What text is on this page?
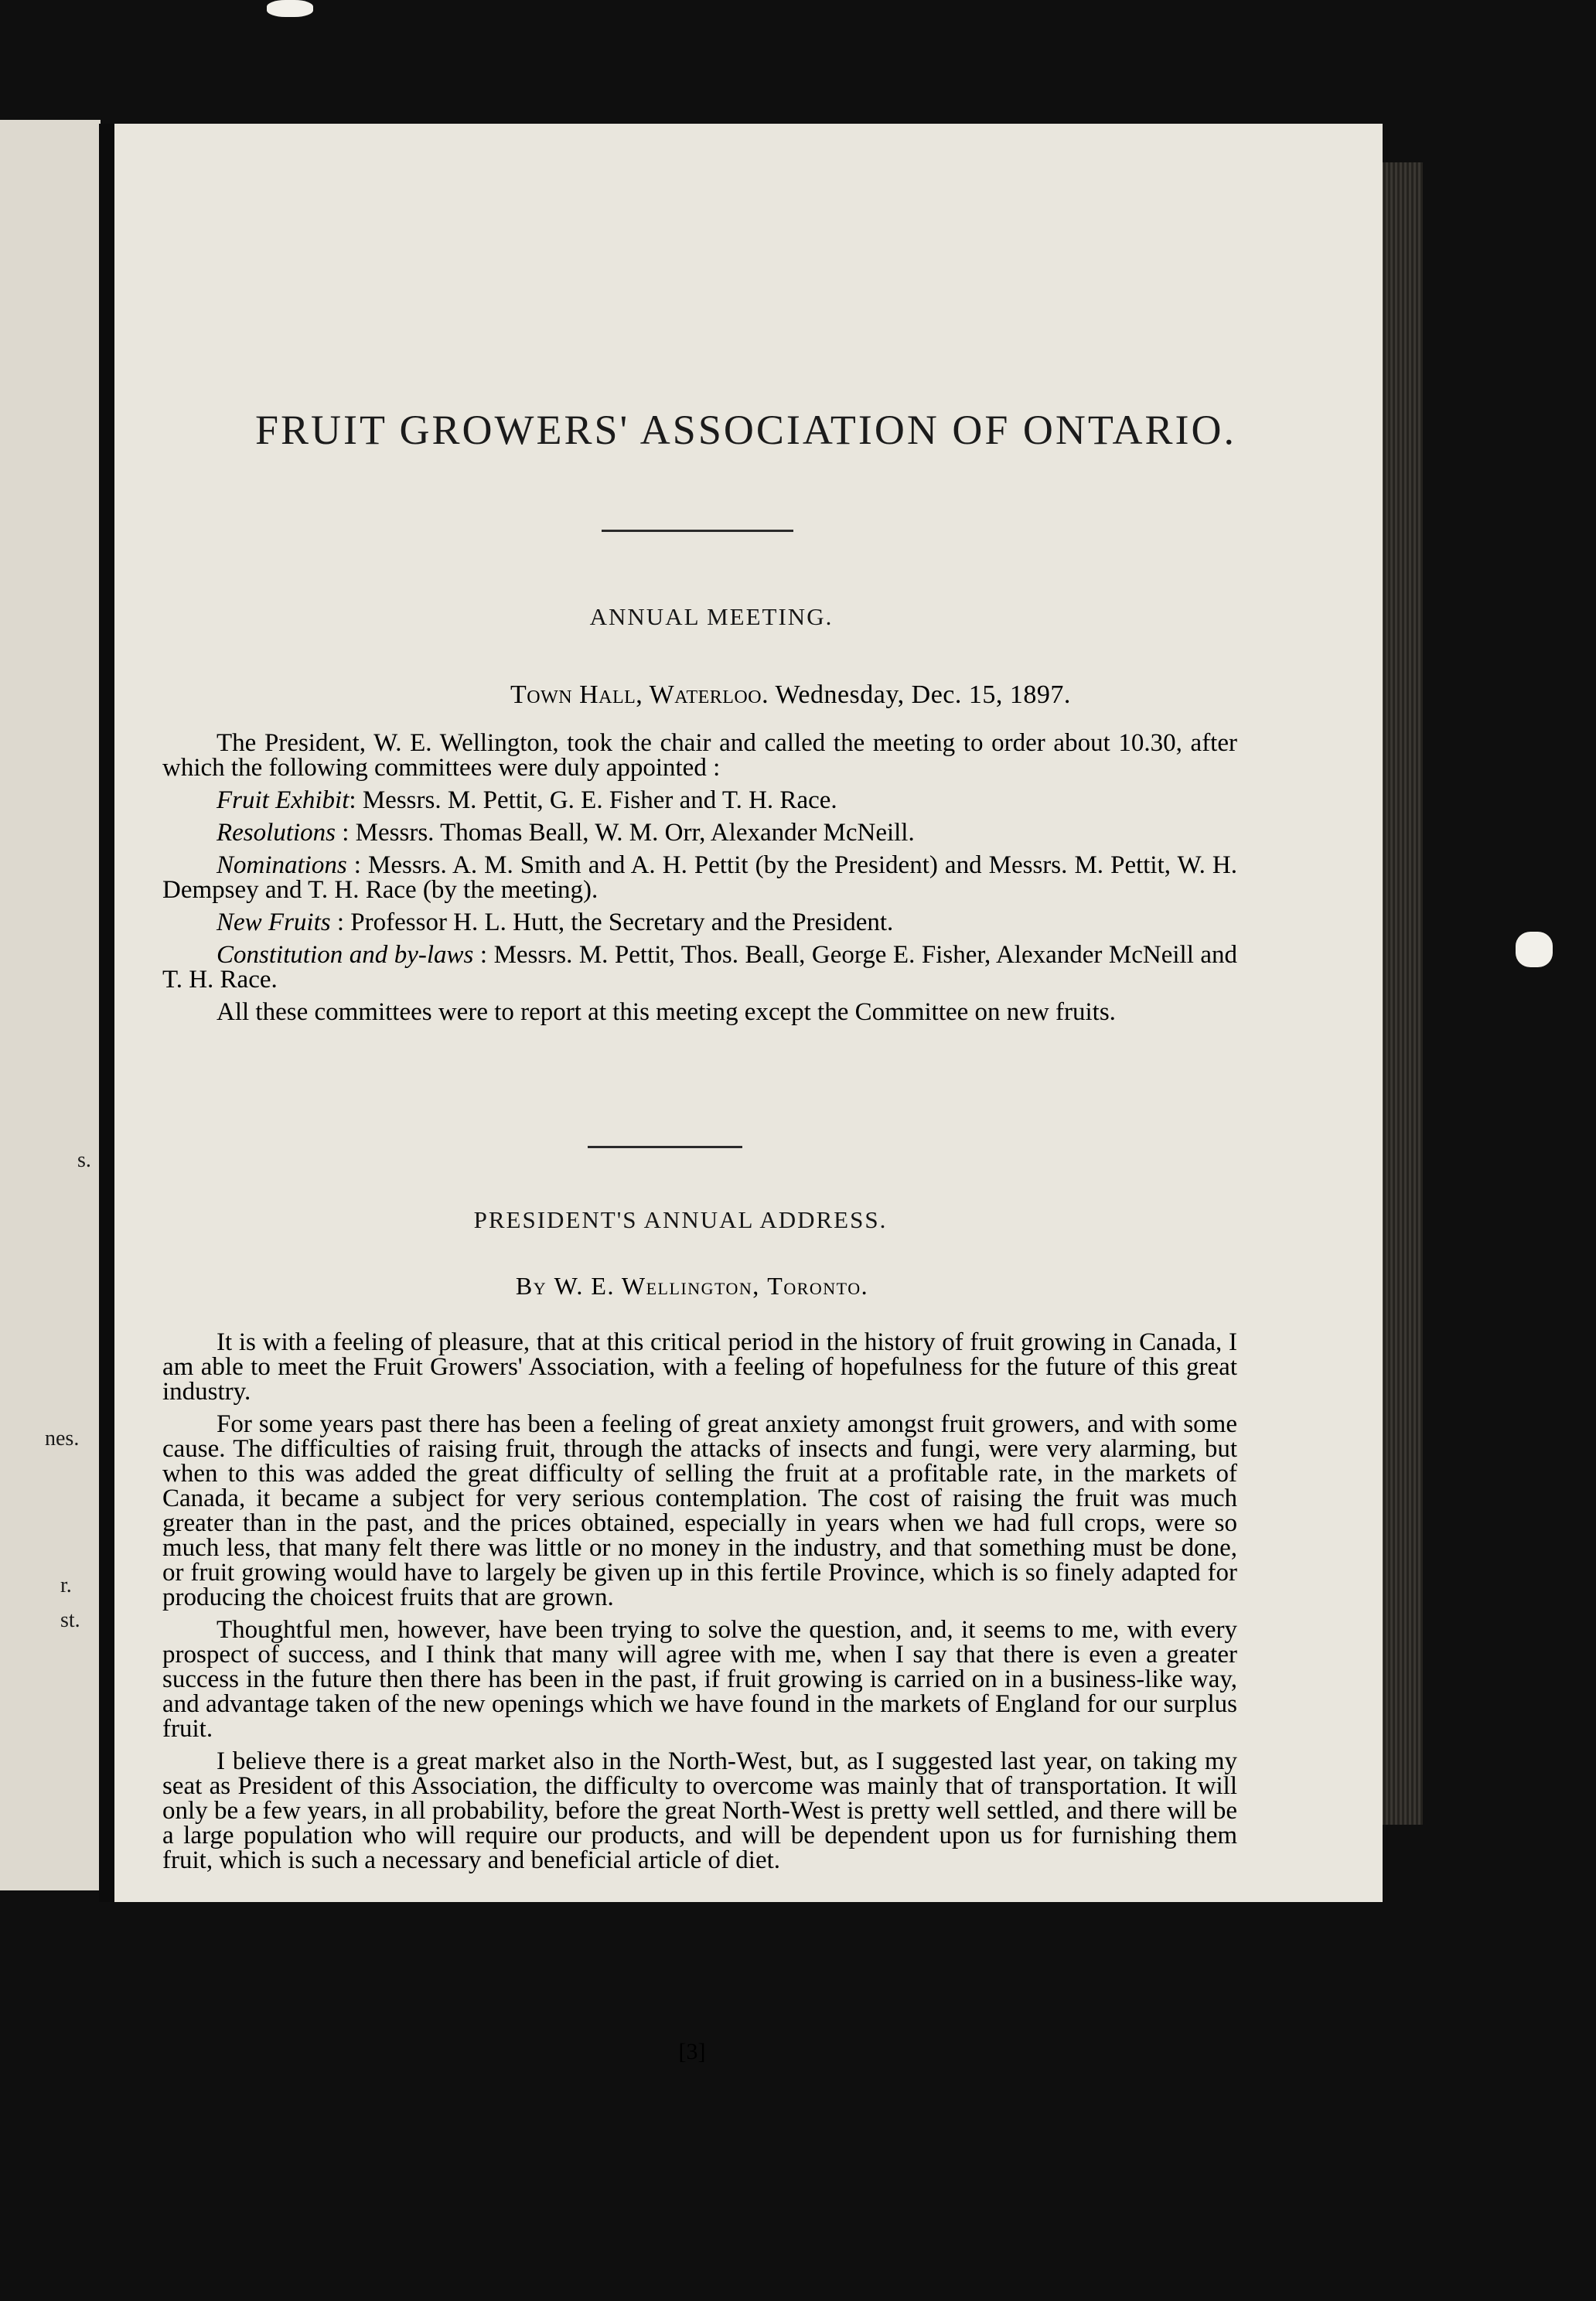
s.
nes.
r.
st.
FRUIT GROWERS' ASSOCIATION OF ONTARIO.
ANNUAL MEETING.
Town Hall, Waterloo. Wednesday, Dec. 15, 1897.

The President, W. E. Wellington, took the chair and called the meeting to order about 10.30, after which the following committees were duly appointed :

Fruit Exhibit: Messrs. M. Pettit, G. E. Fisher and T. H. Race.

Resolutions : Messrs. Thomas Beall, W. M. Orr, Alexander McNeill.

Nominations : Messrs. A. M. Smith and A. H. Pettit (by the President) and Messrs. M. Pettit, W. H. Dempsey and T. H. Race (by the meeting).

New Fruits : Professor H. L. Hutt, the Secretary and the President.

Constitution and by-laws : Messrs. M. Pettit, Thos. Beall, George E. Fisher, Alexander McNeill and T. H. Race.

All these committees were to report at this meeting except the Committee on new fruits.

PRESIDENT'S ANNUAL ADDRESS.
By W. E. Wellington, Toronto.

It is with a feeling of pleasure, that at this critical period in the history of fruit growing in Canada, I am able to meet the Fruit Growers' Association, with a feeling of hopefulness for the future of this great industry.

For some years past there has been a feeling of great anxiety amongst fruit growers, and with some cause. The difficulties of raising fruit, through the attacks of insects and fungi, were very alarming, but when to this was added the great difficulty of selling the fruit at a profitable rate, in the markets of Canada, it became a subject for very serious contemplation. The cost of raising the fruit was much greater than in the past, and the prices obtained, especially in years when we had full crops, were so much less, that many felt there was little or no money in the industry, and that something must be done, or fruit growing would have to largely be given up in this fertile Province, which is so finely adapted for producing the choicest fruits that are grown.

Thoughtful men, however, have been trying to solve the question, and, it seems to me, with every prospect of success, and I think that many will agree with me, when I say that there is even a greater success in the future then there has been in the past, if fruit growing is carried on in a business-like way, and advantage taken of the new openings which we have found in the markets of England for our surplus fruit.

I believe there is a great market also in the North-West, but, as I suggested last year, on taking my seat as President of this Association, the difficulty to overcome was mainly that of transportation. It will only be a few years, in all probability, before the great North-West is pretty well settled, and there will be a large population who will require our products, and will be dependent upon us for furnishing them fruit, which is such a necessary and beneficial article of diet.

[3]
